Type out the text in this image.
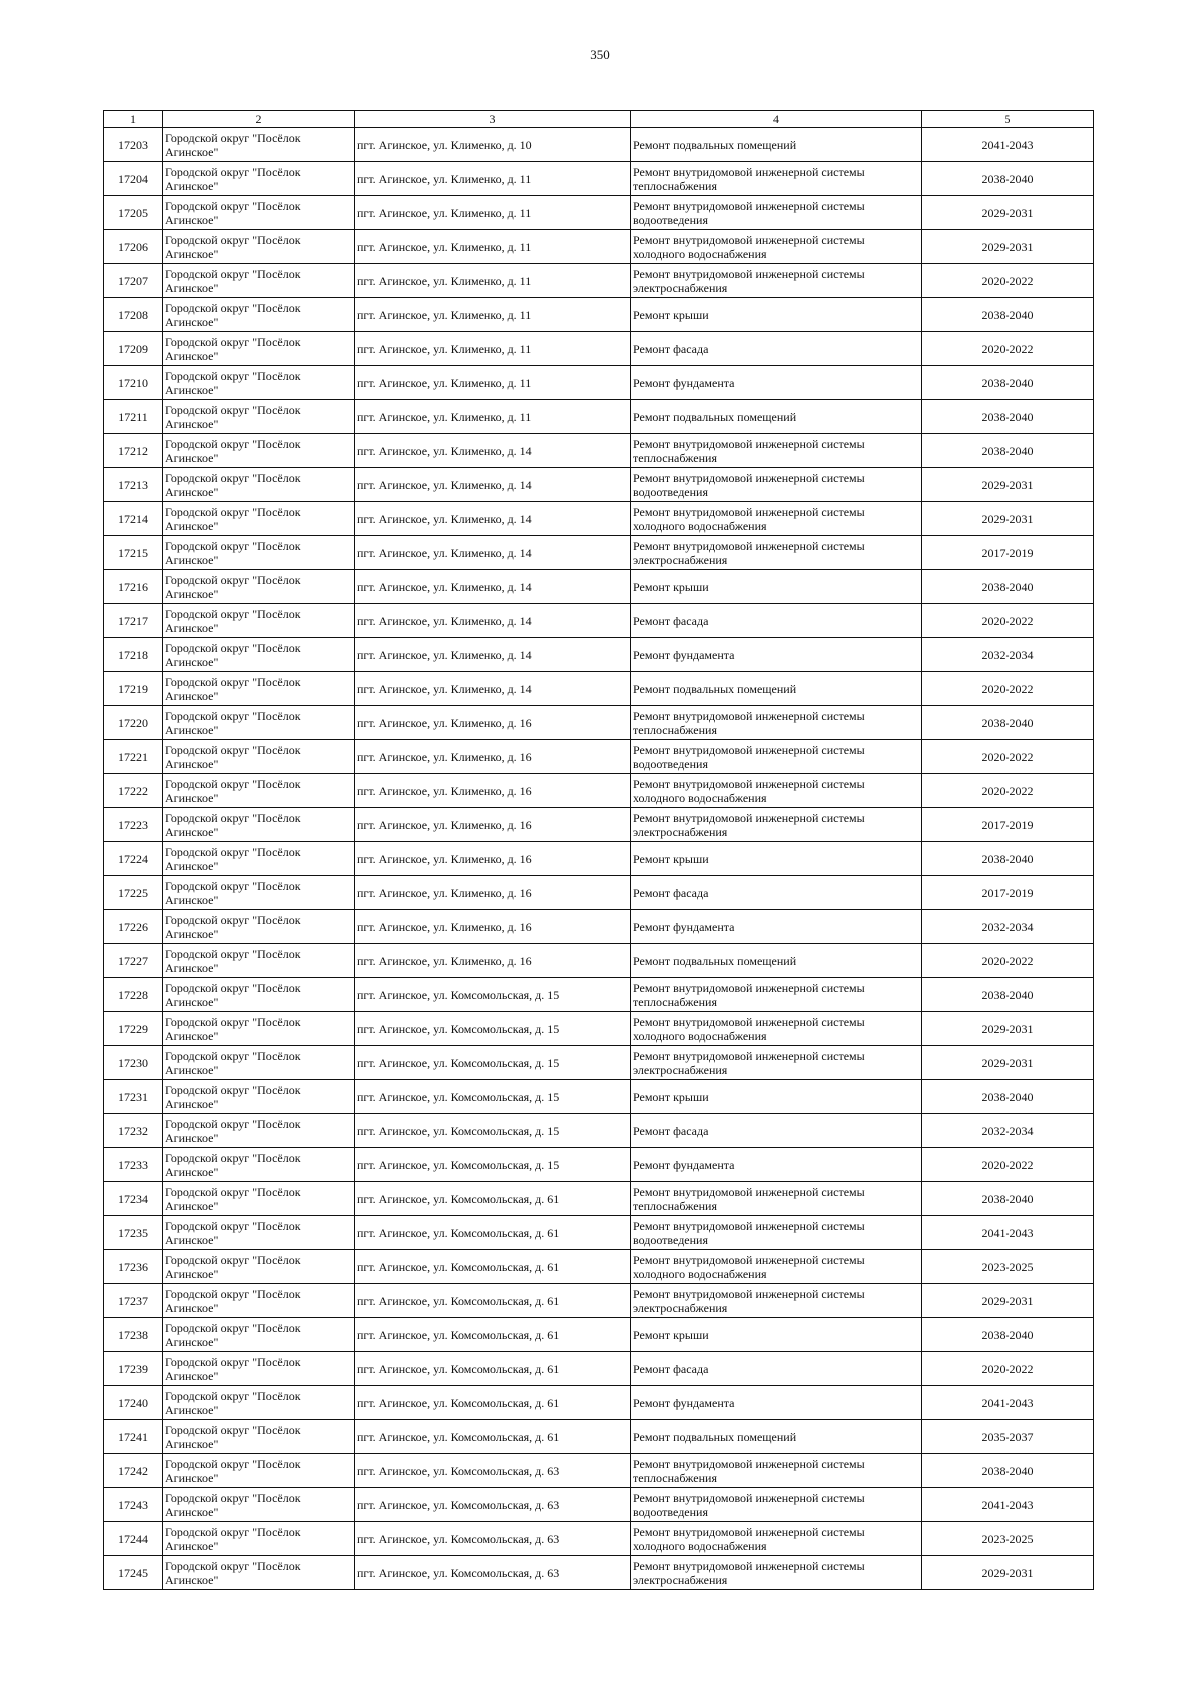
350
1	2	3	4	5
17203	Городской округ "Посёлок Агинское"	пгт. Агинское, ул. Клименко, д. 10	Ремонт подвальных помещений	2041-2043
17204	Городской округ "Посёлок Агинское"	пгт. Агинское, ул. Клименко, д. 11	Ремонт внутридомовой инженерной системы теплоснабжения	2038-2040
17205	Городской округ "Посёлок Агинское"	пгт. Агинское, ул. Клименко, д. 11	Ремонт внутридомовой инженерной системы водоотведения	2029-2031
17206	Городской округ "Посёлок Агинское"	пгт. Агинское, ул. Клименко, д. 11	Ремонт внутридомовой инженерной системы холодного водоснабжения	2029-2031
17207	Городской округ "Посёлок Агинское"	пгт. Агинское, ул. Клименко, д. 11	Ремонт внутридомовой инженерной системы электроснабжения	2020-2022
17208	Городской округ "Посёлок Агинское"	пгт. Агинское, ул. Клименко, д. 11	Ремонт крыши	2038-2040
17209	Городской округ "Посёлок Агинское"	пгт. Агинское, ул. Клименко, д. 11	Ремонт фасада	2020-2022
17210	Городской округ "Посёлок Агинское"	пгт. Агинское, ул. Клименко, д. 11	Ремонт фундамента	2038-2040
17211	Городской округ "Посёлок Агинское"	пгт. Агинское, ул. Клименко, д. 11	Ремонт подвальных помещений	2038-2040
17212	Городской округ "Посёлок Агинское"	пгт. Агинское, ул. Клименко, д. 14	Ремонт внутридомовой инженерной системы теплоснабжения	2038-2040
17213	Городской округ "Посёлок Агинское"	пгт. Агинское, ул. Клименко, д. 14	Ремонт внутридомовой инженерной системы водоотведения	2029-2031
17214	Городской округ "Посёлок Агинское"	пгт. Агинское, ул. Клименко, д. 14	Ремонт внутридомовой инженерной системы холодного водоснабжения	2029-2031
17215	Городской округ "Посёлок Агинское"	пгт. Агинское, ул. Клименко, д. 14	Ремонт внутридомовой инженерной системы электроснабжения	2017-2019
17216	Городской округ "Посёлок Агинское"	пгт. Агинское, ул. Клименко, д. 14	Ремонт крыши	2038-2040
17217	Городской округ "Посёлок Агинское"	пгт. Агинское, ул. Клименко, д. 14	Ремонт фасада	2020-2022
17218	Городской округ "Посёлок Агинское"	пгт. Агинское, ул. Клименко, д. 14	Ремонт фундамента	2032-2034
17219	Городской округ "Посёлок Агинское"	пгт. Агинское, ул. Клименко, д. 14	Ремонт подвальных помещений	2020-2022
17220	Городской округ "Посёлок Агинское"	пгт. Агинское, ул. Клименко, д. 16	Ремонт внутридомовой инженерной системы теплоснабжения	2038-2040
17221	Городской округ "Посёлок Агинское"	пгт. Агинское, ул. Клименко, д. 16	Ремонт внутридомовой инженерной системы водоотведения	2020-2022
17222	Городской округ "Посёлок Агинское"	пгт. Агинское, ул. Клименко, д. 16	Ремонт внутридомовой инженерной системы холодного водоснабжения	2020-2022
17223	Городской округ "Посёлок Агинское"	пгт. Агинское, ул. Клименко, д. 16	Ремонт внутридомовой инженерной системы электроснабжения	2017-2019
17224	Городской округ "Посёлок Агинское"	пгт. Агинское, ул. Клименко, д. 16	Ремонт крыши	2038-2040
17225	Городской округ "Посёлок Агинское"	пгт. Агинское, ул. Клименко, д. 16	Ремонт фасада	2017-2019
17226	Городской округ "Посёлок Агинское"	пгт. Агинское, ул. Клименко, д. 16	Ремонт фундамента	2032-2034
17227	Городской округ "Посёлок Агинское"	пгт. Агинское, ул. Клименко, д. 16	Ремонт подвальных помещений	2020-2022
17228	Городской округ "Посёлок Агинское"	пгт. Агинское, ул. Комсомольская, д. 15	Ремонт внутридомовой инженерной системы теплоснабжения	2038-2040
17229	Городской округ "Посёлок Агинское"	пгт. Агинское, ул. Комсомольская, д. 15	Ремонт внутридомовой инженерной системы холодного водоснабжения	2029-2031
17230	Городской округ "Посёлок Агинское"	пгт. Агинское, ул. Комсомольская, д. 15	Ремонт внутридомовой инженерной системы электроснабжения	2029-2031
17231	Городской округ "Посёлок Агинское"	пгт. Агинское, ул. Комсомольская, д. 15	Ремонт крыши	2038-2040
17232	Городской округ "Посёлок Агинское"	пгт. Агинское, ул. Комсомольская, д. 15	Ремонт фасада	2032-2034
17233	Городской округ "Посёлок Агинское"	пгт. Агинское, ул. Комсомольская, д. 15	Ремонт фундамента	2020-2022
17234	Городской округ "Посёлок Агинское"	пгт. Агинское, ул. Комсомольская, д. 61	Ремонт внутридомовой инженерной системы теплоснабжения	2038-2040
17235	Городской округ "Посёлок Агинское"	пгт. Агинское, ул. Комсомольская, д. 61	Ремонт внутридомовой инженерной системы водоотведения	2041-2043
17236	Городской округ "Посёлок Агинское"	пгт. Агинское, ул. Комсомольская, д. 61	Ремонт внутридомовой инженерной системы холодного водоснабжения	2023-2025
17237	Городской округ "Посёлок Агинское"	пгт. Агинское, ул. Комсомольская, д. 61	Ремонт внутридомовой инженерной системы электроснабжения	2029-2031
17238	Городской округ "Посёлок Агинское"	пгт. Агинское, ул. Комсомольская, д. 61	Ремонт крыши	2038-2040
17239	Городской округ "Посёлок Агинское"	пгт. Агинское, ул. Комсомольская, д. 61	Ремонт фасада	2020-2022
17240	Городской округ "Посёлок Агинское"	пгт. Агинское, ул. Комсомольская, д. 61	Ремонт фундамента	2041-2043
17241	Городской округ "Посёлок Агинское"	пгт. Агинское, ул. Комсомольская, д. 61	Ремонт подвальных помещений	2035-2037
17242	Городской округ "Посёлок Агинское"	пгт. Агинское, ул. Комсомольская, д. 63	Ремонт внутридомовой инженерной системы теплоснабжения	2038-2040
17243	Городской округ "Посёлок Агинское"	пгт. Агинское, ул. Комсомольская, д. 63	Ремонт внутридомовой инженерной системы водоотведения	2041-2043
17244	Городской округ "Посёлок Агинское"	пгт. Агинское, ул. Комсомольская, д. 63	Ремонт внутридомовой инженерной системы холодного водоснабжения	2023-2025
17245	Городской округ "Посёлок Агинское"	пгт. Агинское, ул. Комсомольская, д. 63	Ремонт внутридомовой инженерной системы электроснабжения	2029-2031
